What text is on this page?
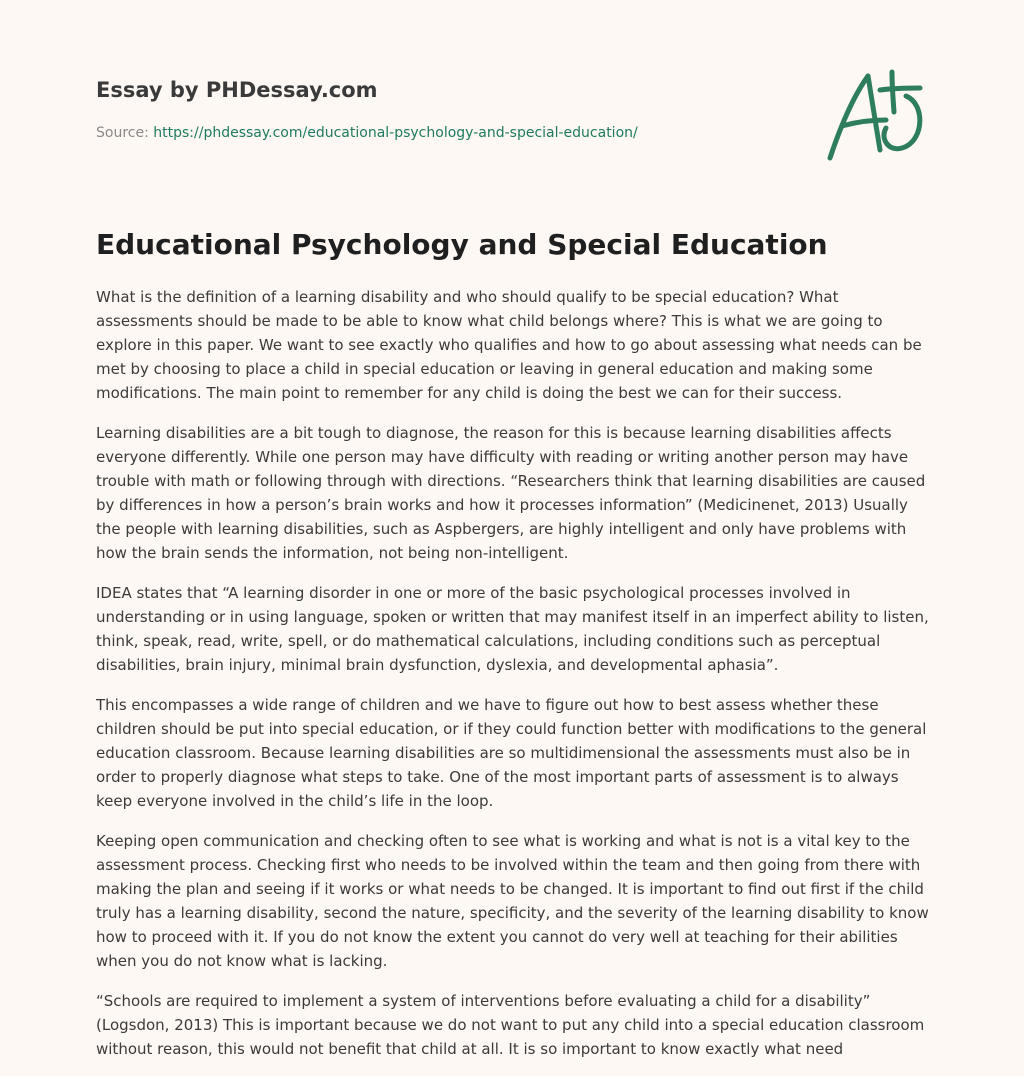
Essay by PHDessay.com
Source: https://phdessay.com/educational-psychology-and-special-education/
Educational Psychology and Special Education

What is the definition of a learning disability and who should qualify to be special education? What assessments should be made to be able to know what child belongs where? This is what we are going to explore in this paper. We want to see exactly who qualifies and how to go about assessing what needs can be met by choosing to place a child in special education or leaving in general education and making some modifications. The main point to remember for any child is doing the best we can for their success.

Learning disabilities are a bit tough to diagnose, the reason for this is because learning disabilities affects everyone differently. While one person may have difficulty with reading or writing another person may have trouble with math or following through with directions. “Researchers think that learning disabilities are caused by differences in how a person’s brain works and how it processes information” (Medicinenet, 2013) Usually the people with learning disabilities, such as Aspbergers, are highly intelligent and only have problems with how the brain sends the information, not being non-intelligent.

IDEA states that “A learning disorder in one or more of the basic psychological processes involved in understanding or in using language, spoken or written that may manifest itself in an imperfect ability to listen, think, speak, read, write, spell, or do mathematical calculations, including conditions such as perceptual disabilities, brain injury, minimal brain dysfunction, dyslexia, and developmental aphasia”.

This encompasses a wide range of children and we have to figure out how to best assess whether these children should be put into special education, or if they could function better with modifications to the general education classroom. Because learning disabilities are so multidimensional the assessments must also be in order to properly diagnose what steps to take. One of the most important parts of assessment is to always keep everyone involved in the child’s life in the loop.

Keeping open communication and checking often to see what is working and what is not is a vital key to the assessment process. Checking first who needs to be involved within the team and then going from there with making the plan and seeing if it works or what needs to be changed. It is important to find out first if the child truly has a learning disability, second the nature, specificity, and the severity of the learning disability to know how to proceed with it. If you do not know the extent you cannot do very well at teaching for their abilities when you do not know what is lacking.

“Schools are required to implement a system of interventions before evaluating a child for a disability” (Logsdon, 2013) This is important because we do not want to put any child into a special education classroom without reason, this would not benefit that child at all. It is so important to know exactly what need
